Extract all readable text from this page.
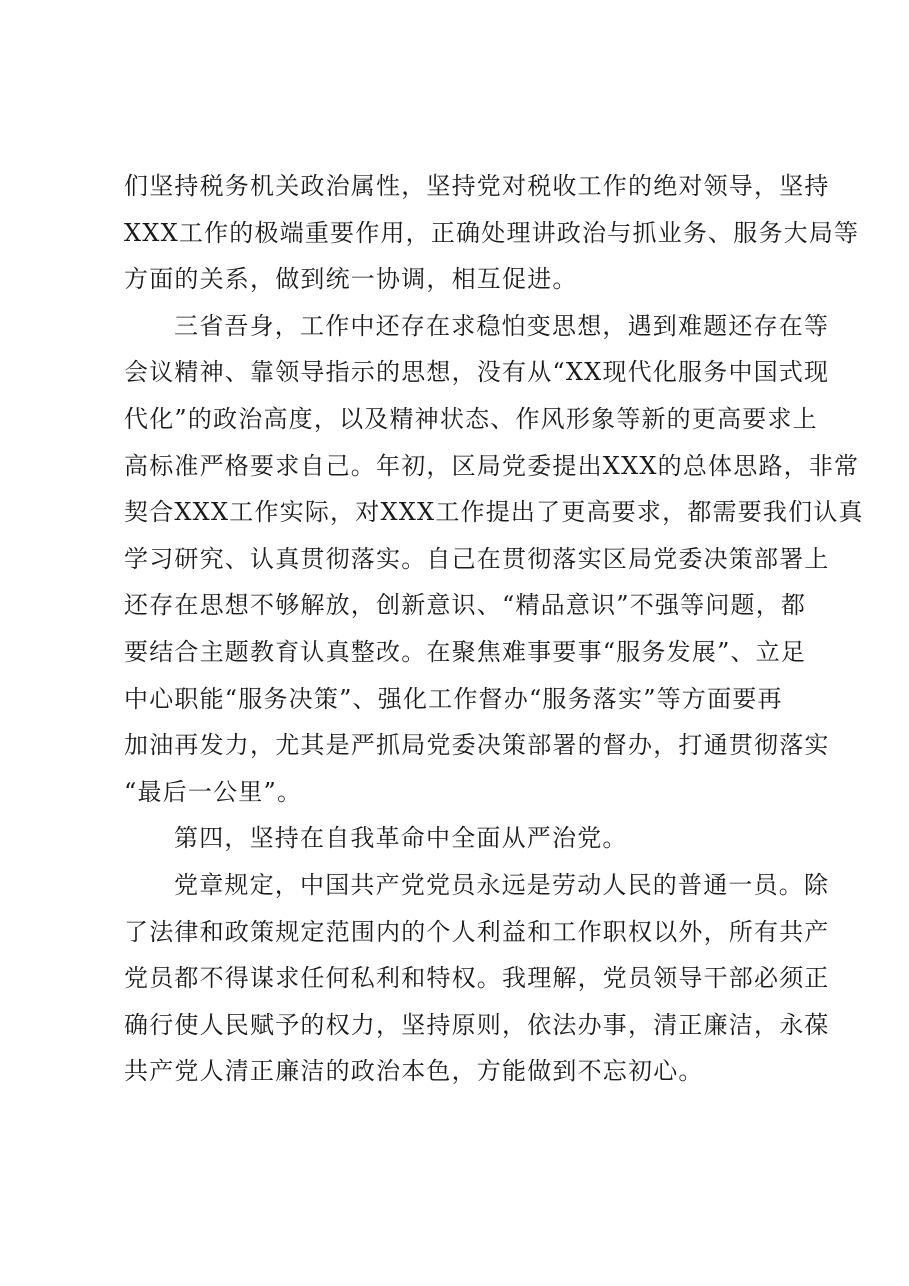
们坚持税务机关政治属性，坚持党对税收工作的绝对领导，坚持
XXX工作的极端重要作用，正确处理讲政治与抓业务、服务大局等
方面的关系，做到统一协调，相互促进。
三省吾身，工作中还存在求稳怕变思想，遇到难题还存在等
会议精神、靠领导指示的思想，没有从“XX现代化服务中国式现
代化”的政治高度，以及精神状态、作风形象等新的更高要求上
高标准严格要求自己。年初，区局党委提出XXX的总体思路，非常
契合XXX工作实际，对XXX工作提出了更高要求，都需要我们认真
学习研究、认真贯彻落实。自己在贯彻落实区局党委决策部署上
还存在思想不够解放，创新意识、“精品意识”不强等问题，都
要结合主题教育认真整改。在聚焦难事要事“服务发展”、立足
中心职能“服务决策”、强化工作督办“服务落实”等方面要再
加油再发力，尤其是严抓局党委决策部署的督办，打通贯彻落实
“最后一公里”。
第四，坚持在自我革命中全面从严治党。
党章规定，中国共产党党员永远是劳动人民的普通一员。除
了法律和政策规定范围内的个人利益和工作职权以外，所有共产
党员都不得谋求任何私利和特权。我理解，党员领导干部必须正
确行使人民赋予的权力，坚持原则，依法办事，清正廉洁，永葆
共产党人清正廉洁的政治本色，方能做到不忘初心。
